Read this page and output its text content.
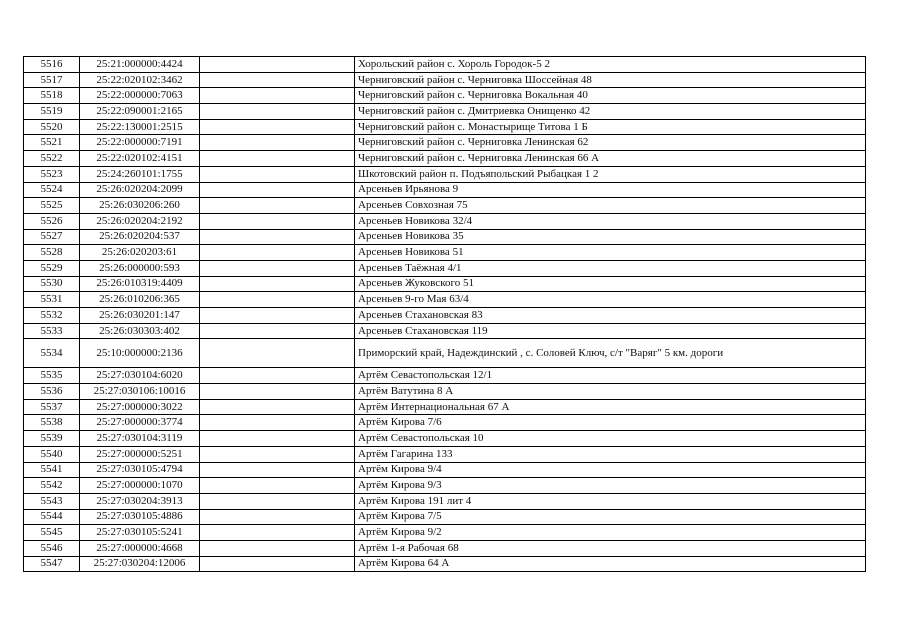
5516	25:21:000000:4424		Хорольский район с. Хороль Городок-5 2
5517	25:22:020102:3462		Черниговский район с. Черниговка Шоссейная 48
5518	25:22:000000:7063		Черниговский район с. Черниговка Вокальная 40
5519	25:22:090001:2165		Черниговский район с. Дмитриевка Онищенко 42
5520	25:22:130001:2515		Черниговский район с. Монастырище Титова 1 Б
5521	25:22:000000:7191		Черниговский район с. Черниговка Ленинская 62
5522	25:22:020102:4151		Черниговский район с. Черниговка Ленинская 66 А
5523	25:24:260101:1755		Шкотовский район п. Подъяпольский Рыбацкая 1 2
5524	25:26:020204:2099		Арсеньев Ирьянова 9
5525	25:26:030206:260		Арсеньев Совхозная 75
5526	25:26:020204:2192		Арсеньев Новикова 32/4
5527	25:26:020204:537		Арсеньев Новикова 35
5528	25:26:020203:61		Арсеньев Новикова 51
5529	25:26:000000:593		Арсеньев Таёжная 4/1
5530	25:26:010319:4409		Арсеньев Жуковского 51
5531	25:26:010206:365		Арсеньев 9-го Мая 63/4
5532	25:26:030201:147		Арсеньев Стахановская 83
5533	25:26:030303:402		Арсеньев Стахановская 119
5534	25:10:000000:2136		Приморский край, Надеждинский , с. Соловей Ключ, с/т "Варяг" 5 км. дороги
5535	25:27:030104:6020		Артём Севастопольская 12/1
5536	25:27:030106:10016		Артём Ватутина 8 А
5537	25:27:000000:3022		Артём Интернациональная 67 А
5538	25:27:000000:3774		Артём Кирова 7/6
5539	25:27:030104:3119		Артём Севастопольская 10
5540	25:27:000000:5251		Артём Гагарина 133
5541	25:27:030105:4794		Артём Кирова 9/4
5542	25:27:000000:1070		Артём Кирова 9/3
5543	25:27:030204:3913		Артём Кирова 191 лит 4
5544	25:27:030105:4886		Артём Кирова 7/5
5545	25:27:030105:5241		Артём Кирова 9/2
5546	25:27:000000:4668		Артём 1-я Рабочая 68
5547	25:27:030204:12006		Артём Кирова 64 А
